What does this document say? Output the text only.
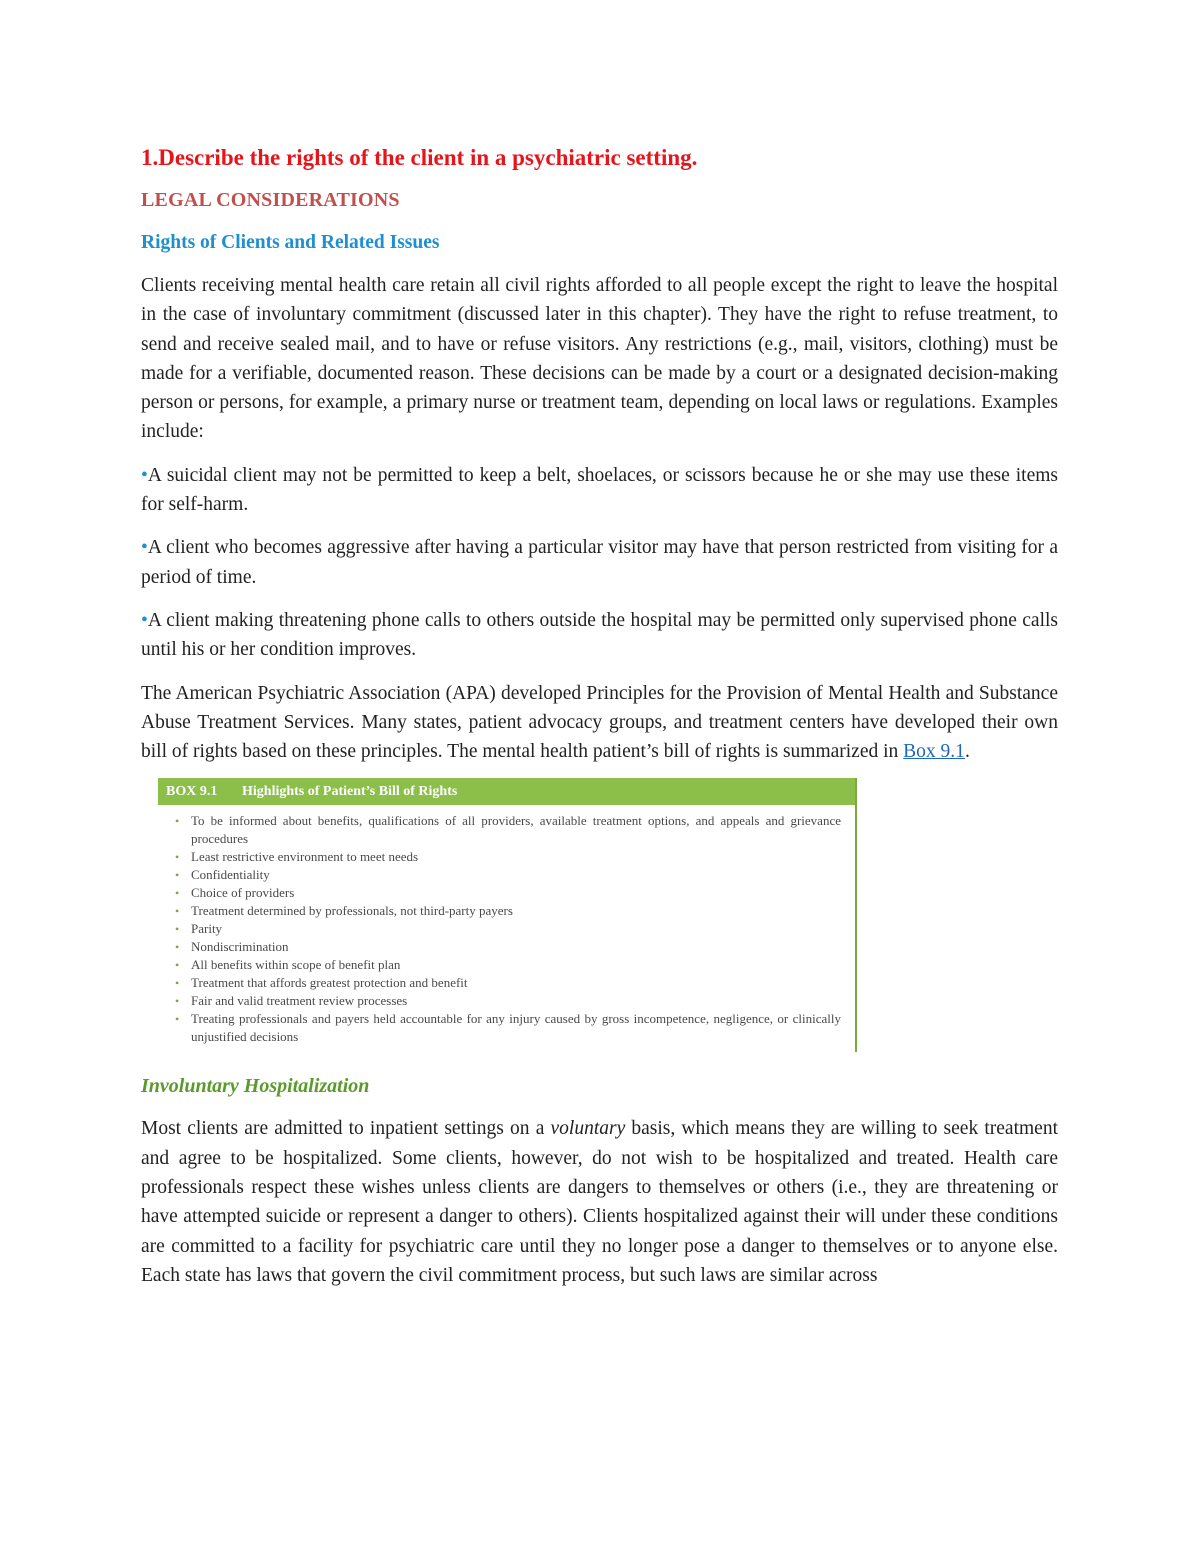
1.Describe the rights of the client in a psychiatric setting.
LEGAL CONSIDERATIONS
Rights of Clients and Related Issues

Clients receiving mental health care retain all civil rights afforded to all people except the right to leave the hospital in the case of involuntary commitment (discussed later in this chapter). They have the right to refuse treatment, to send and receive sealed mail, and to have or refuse visitors. Any restrictions (e.g., mail, visitors, clothing) must be made for a verifiable, documented reason. These decisions can be made by a court or a designated decision-making person or persons, for example, a primary nurse or treatment team, depending on local laws or regulations. Examples include:

•A suicidal client may not be permitted to keep a belt, shoelaces, or scissors because he or she may use these items for self-harm.

•A client who becomes aggressive after having a particular visitor may have that person restricted from visiting for a period of time.

•A client making threatening phone calls to others outside the hospital may be permitted only supervised phone calls until his or her condition improves.

The American Psychiatric Association (APA) developed Principles for the Provision of Mental Health and Substance Abuse Treatment Services. Many states, patient advocacy groups, and treatment centers have developed their own bill of rights based on these principles. The mental health patient’s bill of rights is summarized in Box 9.1.

BOX 9.1	Highlights of Patient’s Bill of Rights
• To be informed about benefits, qualifications of all providers, available treatment options, and appeals and grievance procedures
• Least restrictive environment to meet needs
• Confidentiality
• Choice of providers
• Treatment determined by professionals, not third-party payers
• Parity
• Nondiscrimination
• All benefits within scope of benefit plan
• Treatment that affords greatest protection and benefit
• Fair and valid treatment review processes
• Treating professionals and payers held accountable for any injury caused by gross incompetence, negligence, or clinically unjustified decisions
Involuntary Hospitalization

Most clients are admitted to inpatient settings on a voluntary basis, which means they are willing to seek treatment and agree to be hospitalized. Some clients, however, do not wish to be hospitalized and treated. Health care professionals respect these wishes unless clients are dangers to themselves or others (i.e., they are threatening or have attempted suicide or represent a danger to others). Clients hospitalized against their will under these conditions are committed to a facility for psychiatric care until they no longer pose a danger to themselves or to anyone else. Each state has laws that govern the civil commitment process, but such laws are similar across
